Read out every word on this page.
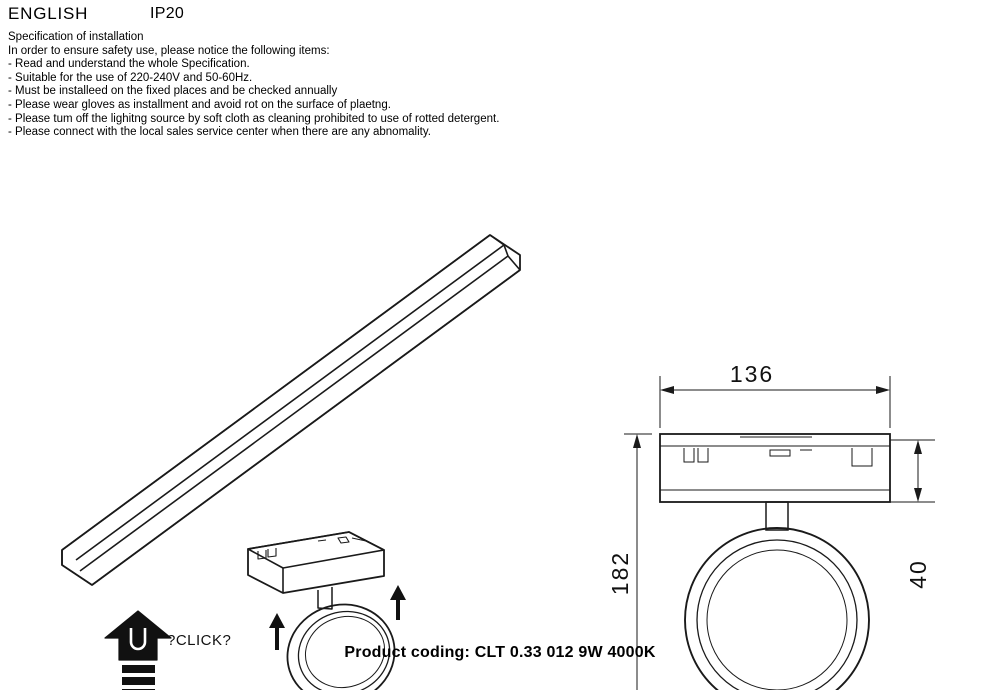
ENGLISH	IP20
Specification of installation
In order to ensure safety use, please notice the following items:
- Read and understand the whole Specification.
- Suitable for the use of 220-240V and 50-60Hz.
- Must be installeed on the fixed places and be checked annually
- Please wear gloves as installment and avoid rot on the surface of plaetng.
- Please tum off the lighitng source by soft cloth as cleaning prohibited to use of rotted detergent.
- Please connect with the local sales service center when there are any abnomality.
?CLICK?
136
182	40
Product coding: CLT 0.33 012 9W 4000K
